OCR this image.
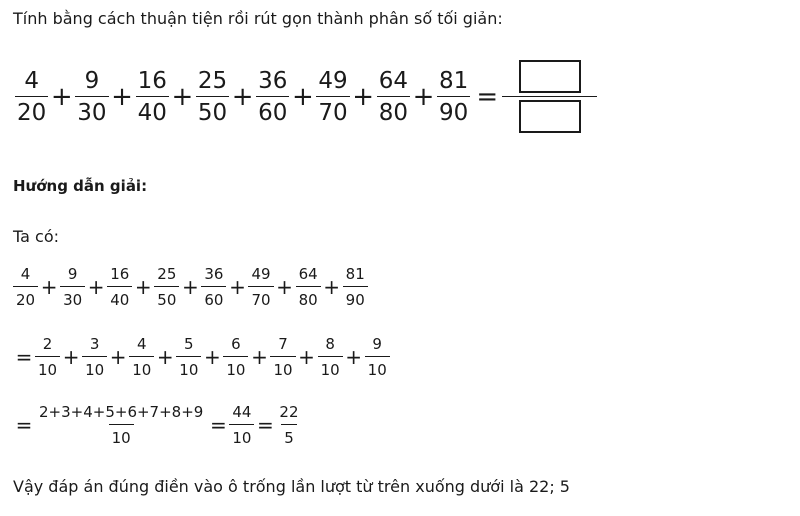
Tính bằng cách thuận tiện rồi rút gọn thành phân số tối giản:
$\frac{4}{20} + \frac{9}{30} + \frac{16}{40} + \frac{25}{50} + \frac{36}{60} + \frac{49}{70} + \frac{64}{80} + \frac{81}{90}$ =
Hướng dẫn giải:
Ta có:
$\frac{4}{20} + \frac{9}{30} + \frac{16}{40} + \frac{25}{50} + \frac{36}{60} + \frac{49}{70} + \frac{64}{80} + \frac{81}{90}$
= $\frac{2}{10} + \frac{3}{10} + \frac{4}{10} + \frac{5}{10} + \frac{6}{10} + \frac{7}{10} + \frac{8}{10} + \frac{9}{10}$
= $\frac{2+3+4+5+6+7+8+9}{10} = \frac{44}{10} = \frac{22}{5}$
Vậy đáp án đúng điền vào ô trống lần lượt từ trên xuống dưới là 22; 5
